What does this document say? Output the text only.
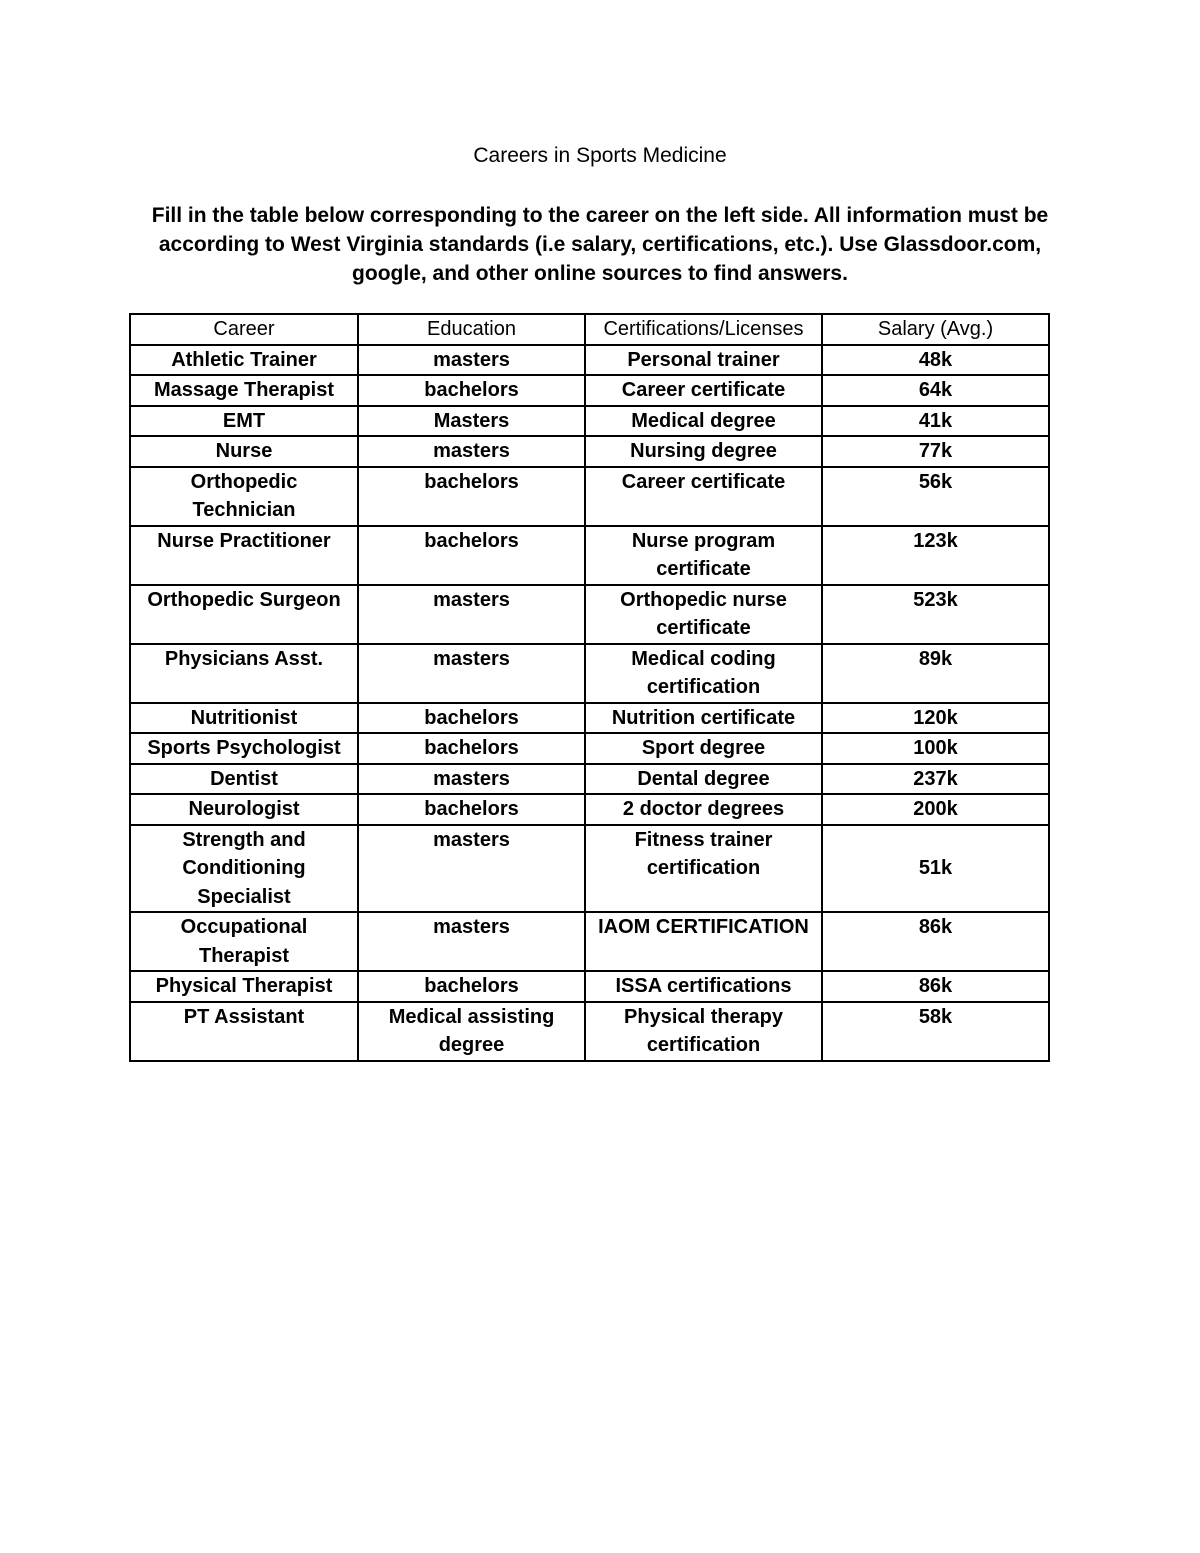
Careers in Sports Medicine
Fill in the table below corresponding to the career on the left side. All information must be according to West Virginia standards (i.e salary, certifications, etc.). Use Glassdoor.com, google, and other online sources to find answers.
Career	Education	Certifications/Licenses	Salary (Avg.)
Athletic Trainer	masters	Personal trainer	48k
Massage Therapist	bachelors	Career certificate	64k
EMT	Masters	Medical degree	41k
Nurse	masters	Nursing degree	77k
Orthopedic Technician	bachelors	Career certificate	56k
Nurse Practitioner	bachelors	Nurse program certificate	123k
Orthopedic Surgeon	masters	Orthopedic nurse certificate	523k
Physicians Asst.	masters	Medical coding certification	89k
Nutritionist	bachelors	Nutrition certificate	120k
Sports Psychologist	bachelors	Sport degree	100k
Dentist	masters	Dental degree	237k
Neurologist	bachelors	2 doctor degrees	200k
Strength and Conditioning Specialist	masters	Fitness trainer certification	51k
Occupational Therapist	masters	IAOM CERTIFICATION	86k
Physical Therapist	bachelors	ISSA certifications	86k
PT Assistant	Medical assisting degree	Physical therapy certification	58k
